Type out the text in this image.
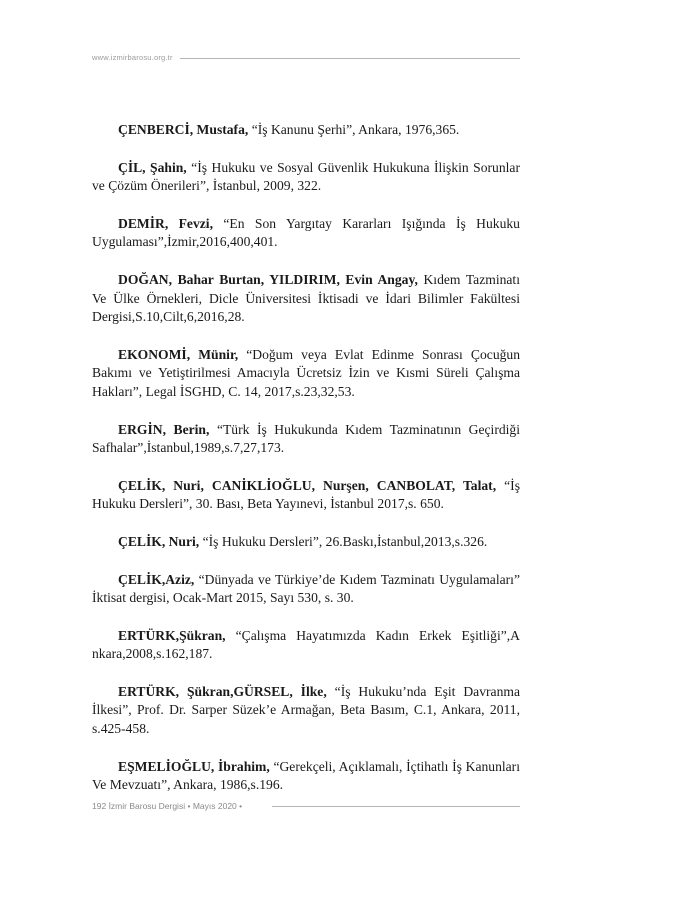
www.izmirbarosu.org.tr

ÇENBERCİ, Mustafa, “İş Kanunu Şerhi”, Ankara, 1976,365.

ÇİL, Şahin, “İş Hukuku ve Sosyal Güvenlik Hukukuna İlişkin Sorunlar ve Çözüm Önerileri”, İstanbul, 2009, 322.

DEMİR, Fevzi, “En Son Yargıtay Kararları Işığında İş Hukuku Uygulaması”,İzmir,2016,400,401.

DOĞAN, Bahar Burtan, YILDIRIM, Evin Angay, Kıdem Tazminatı Ve Ülke Örnekleri, Dicle Üniversitesi İktisadi ve İdari Bilimler Fakültesi Dergisi,S.10,Cilt,6,2016,28.

EKONOMİ, Münir, “Doğum veya Evlat Edinme Sonrası Çocuğun Bakımı ve Yetiştirilmesi Amacıyla Ücretsiz İzin ve Kısmi Süreli Çalışma Hakları”, Legal İSGHD, C. 14, 2017,s.23,32,53.

ERGİN, Berin, “Türk İş Hukukunda Kıdem Tazminatının Geçirdiği Safhalar”,İstanbul,1989,s.7,27,173.

ÇELİK, Nuri, CANİKLİOĞLU, Nurşen, CANBOLAT, Talat, “İş Hukuku Dersleri”, 30. Bası, Beta Yayınevi, İstanbul 2017,s. 650.

ÇELİK, Nuri, “İş Hukuku Dersleri”, 26.Baskı,İstanbul,2013,s.326.

ÇELİK,Aziz, “Dünyada ve Türkiye’de Kıdem Tazminatı Uygulamaları” İktisat dergisi, Ocak-Mart 2015, Sayı 530, s. 30.

ERTÜRK,Şükran, “Çalışma Hayatımızda Kadın Erkek Eşitliği”,A nkara,2008,s.162,187.

ERTÜRK, Şükran,GÜRSEL, İlke, “İş Hukuku’nda Eşit Davranma İlkesi”, Prof. Dr. Sarper Süzek’e Armağan, Beta Basım, C.1, Ankara, 2011, s.425-458.

EŞMELİOĞLU, İbrahim, “Gerekçeli, Açıklamalı, İçtihatlı İş Kanunları Ve Mevzuatı”, Ankara, 1986,s.196.

192 İzmir Barosu Dergisi • Mayıs 2020 •
